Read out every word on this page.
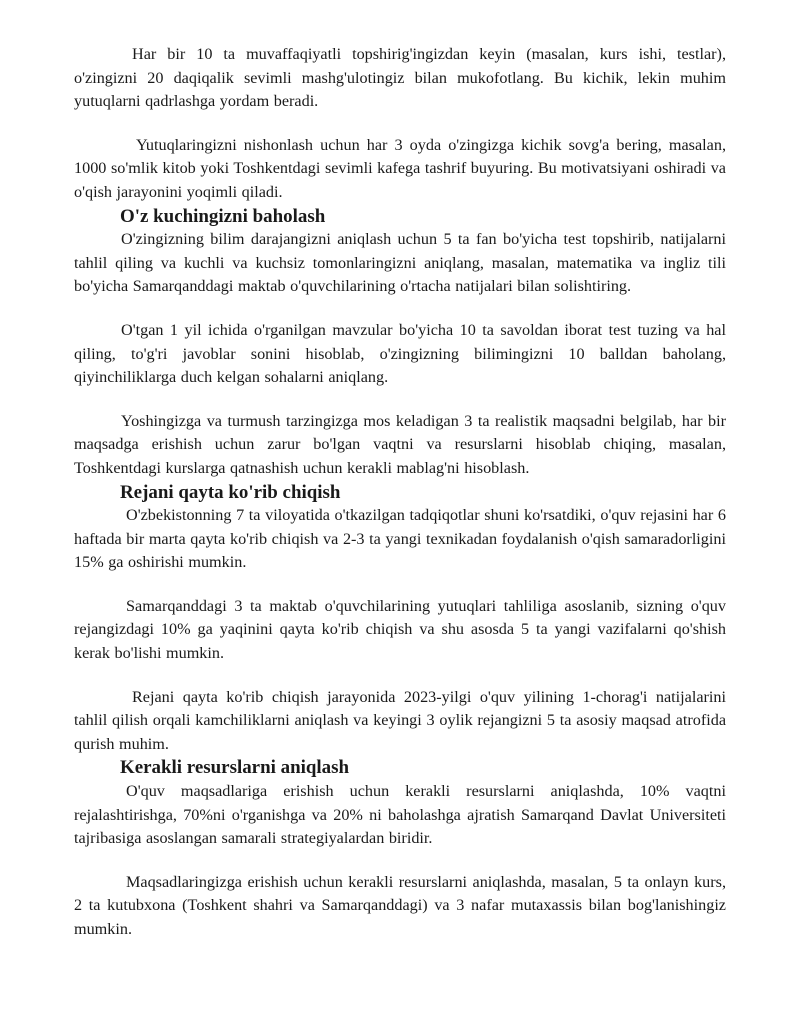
Har bir 10 ta muvaffaqiyatli topshirig'ingizdan keyin (masalan, kurs ishi, testlar), o'zingizni 20 daqiqalik sevimli mashg'ulotingiz bilan mukofotlang. Bu kichik, lekin muhim yutuqlarni qadrlashga yordam beradi.

Yutuqlaringizni nishonlash uchun har 3 oyda o'zingizga kichik sovg'a bering, masalan, 1000 so'mlik kitob yoki Toshkentdagi sevimli kafega tashrif buyuring. Bu motivatsiyani oshiradi va o'qish jarayonini yoqimli qiladi.

O'z kuchingizni baholash

O'zingizning bilim darajangizni aniqlash uchun 5 ta fan bo'yicha test topshirib, natijalarni tahlil qiling va kuchli va kuchsiz tomonlaringizni aniqlang, masalan, matematika va ingliz tili bo'yicha Samarqanddagi maktab o'quvchilarining o'rtacha natijalari bilan solishtiring.

O'tgan 1 yil ichida o'rganilgan mavzular bo'yicha 10 ta savoldan iborat test tuzing va hal qiling, to'g'ri javoblar sonini hisoblab, o'zingizning bilimingizni 10 balldan baholang, qiyinchiliklarga duch kelgan sohalarni aniqlang.

Yoshingizga va turmush tarzingizga mos keladigan 3 ta realistik maqsadni belgilab, har bir maqsadga erishish uchun zarur bo'lgan vaqtni va resurslarni hisoblab chiqing, masalan, Toshkentdagi kurslarga qatnashish uchun kerakli mablag'ni hisoblash.

Rejani qayta ko'rib chiqish

O'zbekistonning 7 ta viloyatida o'tkazilgan tadqiqotlar shuni ko'rsatdiki, o'quv rejasini har 6 haftada bir marta qayta ko'rib chiqish va 2-3 ta yangi texnikadan foydalanish o'qish samaradorligini 15% ga oshirishi mumkin.

Samarqanddagi 3 ta maktab o'quvchilarining yutuqlari tahliliga asoslanib, sizning o'quv rejangizdagi 10% ga yaqinini qayta ko'rib chiqish va shu asosda 5 ta yangi vazifalarni qo'shish kerak bo'lishi mumkin.

Rejani qayta ko'rib chiqish jarayonida 2023-yilgi o'quv yilining 1-chorag'i natijalarini tahlil qilish orqali kamchiliklarni aniqlash va keyingi 3 oylik rejangizni 5 ta asosiy maqsad atrofida qurish muhim.

Kerakli resurslarni aniqlash

O'quv maqsadlariga erishish uchun kerakli resurslarni aniqlashda, 10% vaqtni rejalashtirishga, 70%ni o'rganishga va 20% ni baholashga ajratish Samarqand Davlat Universiteti tajribasiga asoslangan samarali strategiyalardan biridir.

Maqsadlaringizga erishish uchun kerakli resurslarni aniqlashda, masalan, 5 ta onlayn kurs, 2 ta kutubxona (Toshkent shahri va Samarqanddagi) va 3 nafar mutaxassis bilan bog'lanishingiz mumkin.
